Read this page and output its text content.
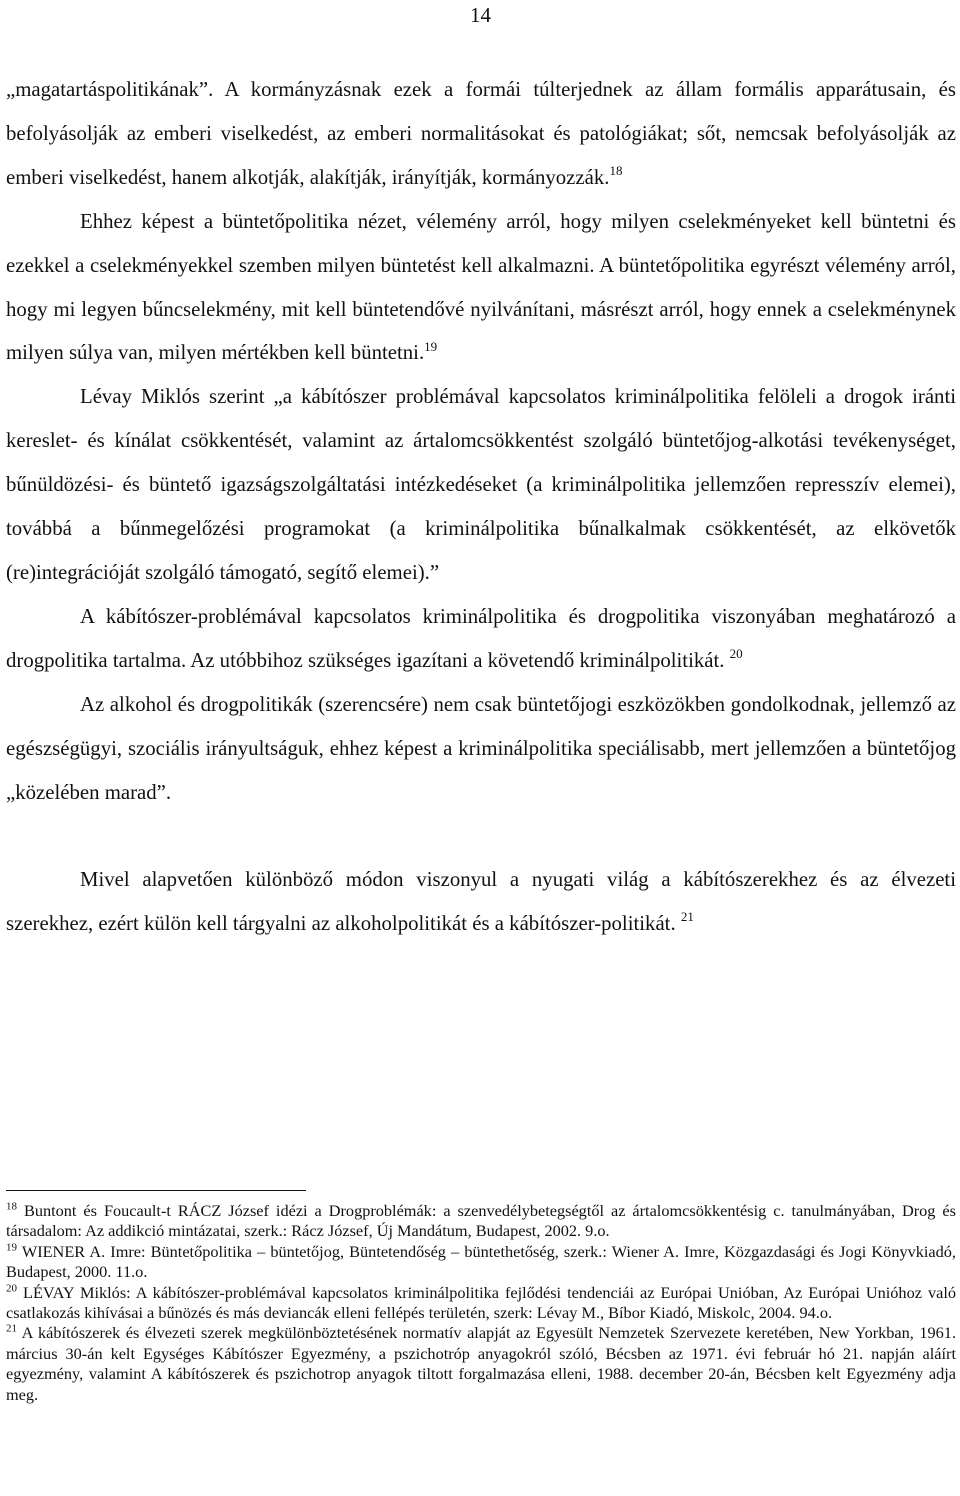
14

„magatartáspolitikának”. A kormányzásnak ezek a formái túlterjednek az állam formális apparátusain, és befolyásolják az emberi viselkedést, az emberi normalitásokat és patológiákat; sőt, nemcsak befolyásolják az emberi viselkedést, hanem alkotják, alakítják, irányítják, kormányozzák.$^{18}$

Ehhez képest a büntetőpolitika nézet, vélemény arról, hogy milyen cselekményeket kell büntetni és ezekkel a cselekményekkel szemben milyen büntetést kell alkalmazni. A büntetőpolitika egyrészt vélemény arról, hogy mi legyen bűncselekmény, mit kell büntetendővé nyilvánítani, másrészt arról, hogy ennek a cselekménynek milyen súlya van, milyen mértékben kell büntetni.$^{19}$

Lévay Miklós szerint „a kábítószer problémával kapcsolatos kriminálpolitika felöleli a drogok iránti kereslet- és kínálat csökkentését, valamint az ártalomcsökkentést szolgáló büntetőjog-alkotási tevékenységet, bűnüldözési- és büntető igazságszolgáltatási intézkedéseket (a kriminálpolitika jellemzően represszív elemei), továbbá a bűnmegelőzési programokat (a kriminálpolitika bűnalkalmak csökkentését, az elkövetők (re)integrációját szolgáló támogató, segítő elemei).”

A kábítószer-problémával kapcsolatos kriminálpolitika és drogpolitika viszonyában meghatározó a drogpolitika tartalma. Az utóbbihoz szükséges igazítani a követendő kriminálpolitikát. $^{20}$

Az alkohol és drogpolitikák (szerencsére) nem csak büntetőjogi eszközökben gondolkodnak, jellemző az egészségügyi, szociális irányultságuk, ehhez képest a kriminálpolitika speciálisabb, mert jellemzően a büntetőjog „közelében marad”.

Mivel alapvetően különböző módon viszonyul a nyugati világ a kábítószerekhez és az élvezeti szerekhez, ezért külön kell tárgyalni az alkoholpolitikát és a kábítószer-politikát. $^{21}$

$^{18}$ Buntont és Foucault-t RÁCZ József idézi a Drogproblémák: a szenvedélybetegségtől az ártalomcsökkentésig c. tanulmányában, Drog és társadalom: Az addikció mintázatai, szerk.: Rácz József, Új Mandátum, Budapest, 2002. 9.o.

$^{19}$ WIENER A. Imre: Büntetőpolitika – büntetőjog, Büntetendőség – büntethetőség, szerk.: Wiener A. Imre, Közgazdasági és Jogi Könyvkiadó, Budapest, 2000. 11.o.

$^{20}$ LÉVAY Miklós: A kábítószer-problémával kapcsolatos kriminálpolitika fejlődési tendenciái az Európai Unióban, Az Európai Unióhoz való csatlakozás kihívásai a bűnözés és más deviancák elleni fellépés területén, szerk: Lévay M., Bíbor Kiadó, Miskolc, 2004. 94.o.

$^{21}$ A kábítószerek és élvezeti szerek megkülönböztetésének normatív alapját az Egyesült Nemzetek Szervezete keretében, New Yorkban, 1961. március 30-án kelt Egységes Kábítószer Egyezmény, a pszichotróp anyagokról szóló, Bécsben az 1971. évi február hó 21. napján aláírt egyezmény, valamint A kábítószerek és pszichotrop anyagok tiltott forgalmazása elleni, 1988. december 20-án, Bécsben kelt Egyezmény adja meg.
